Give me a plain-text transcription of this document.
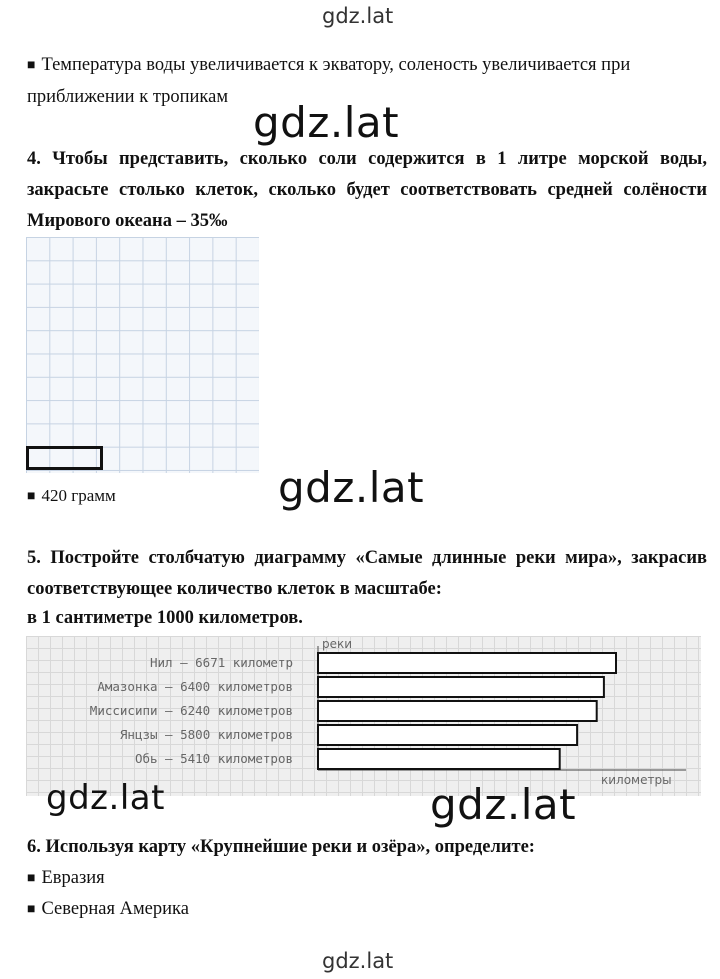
gdz.lat

■ Температура воды увеличивается к экватору, соленость увеличивается при приближении к тропикам

gdz.lat

4. Чтобы представить, сколько соли содержится в 1 литре морской воды, закрасьте столько клеток, сколько будет соответствовать средней солёности Мирового океана – 35‰

■ 420 грамм	gdz.lat

5. Постройте столбчатую диаграмму «Самые длинные реки мира», закрасив соответствующее количество клеток в масштабе:

в 1 сантиметре 1000 километров.

реки
километры
Нил — 6671 километр
Амазонка — 6400 километров
Миссисипи — 6240 километров
Янцзы — 5800 километров
Обь — 5410 километров
gdz.lat	gdz.lat

6. Используя карту «Крупнейшие реки и озёра», определите:

■ Евразия

■ Северная Америка

gdz.lat
